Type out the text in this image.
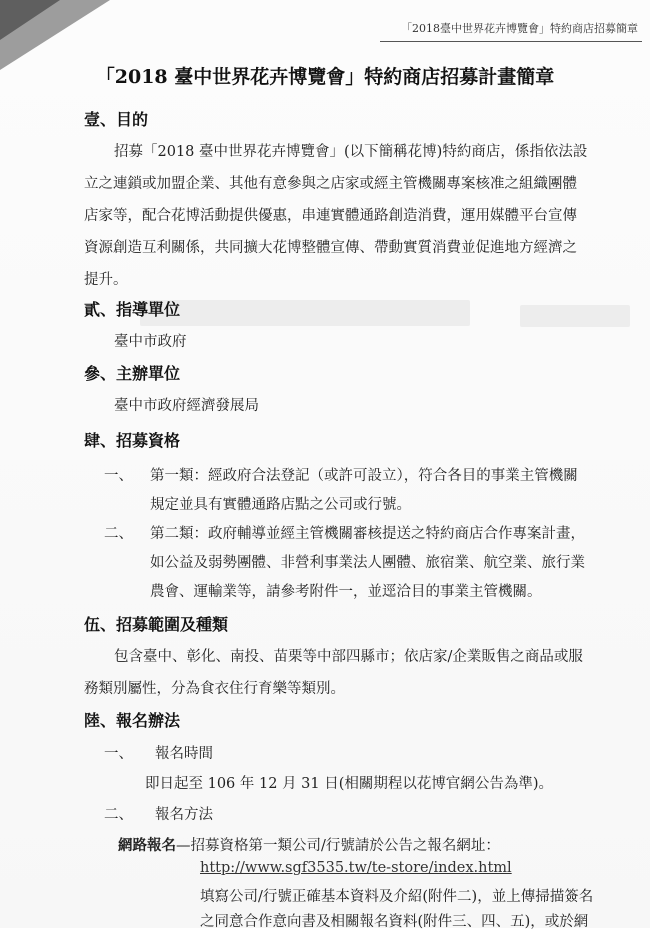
「2018臺中世界花卉博覽會」特約商店招募簡章
「2018 臺中世界花卉博覽會」特約商店招募計畫簡章
壹、目的
招募「2018 臺中世界花卉博覽會」(以下簡稱花博)特約商店，係指依法設
立之連鎖或加盟企業、其他有意參與之店家或經主管機關專案核准之組織團體
店家等，配合花博活動提供優惠，串連實體通路創造消費，運用媒體平台宣傳
資源創造互利關係，共同擴大花博整體宣傳、帶動實質消費並促進地方經濟之
提升。
貳、指導單位
臺中市政府
參、主辦單位
臺中市政府經濟發展局
肆、招募資格
一、 第一類：經政府合法登記（或許可設立），符合各目的事業主管機關
規定並具有實體通路店點之公司或行號。
二、 第二類：政府輔導並經主管機關審核提送之特約商店合作專案計畫，
如公益及弱勢團體、非營利事業法人團體、旅宿業、航空業、旅行業
農會、運輸業等，請參考附件一，並逕洽目的事業主管機關。
伍、招募範圍及種類
包含臺中、彰化、南投、苗栗等中部四縣市；依店家/企業販售之商品或服
務類別屬性，分為食衣住行育樂等類別。
陸、報名辦法
一、 報名時間
即日起至 106 年 12 月 31 日(相關期程以花博官網公告為準)。
二、 報名方法
網路報名—招募資格第一類公司/行號請於公告之報名網址：
http://www.sgf3535.tw/te-store/index.html
填寫公司/行號正確基本資料及介紹(附件二)，並上傳掃描簽名
之同意合作意向書及相關報名資料(附件三、四、五)，或於網
